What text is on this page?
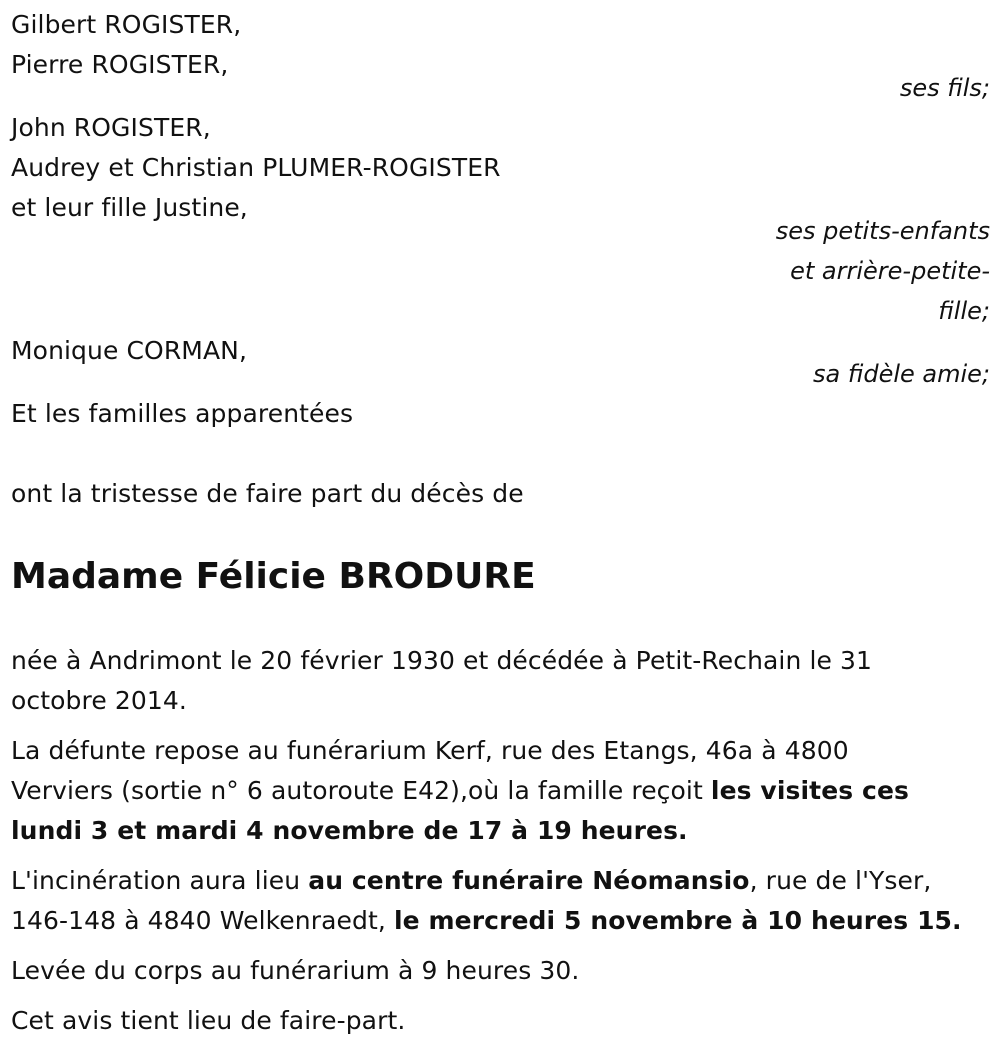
Gilbert ROGISTER,
Pierre ROGISTER,
ses fils;
John ROGISTER,
Audrey et Christian PLUMER-ROGISTER
et leur fille Justine,
ses petits-enfants
et arrière-petite-
fille;
Monique CORMAN,
sa fidèle amie;
Et les familles apparentées
ont la tristesse de faire part du décès de
Madame Félicie BRODURE
née à Andrimont le 20 février 1930 et décédée à Petit-Rechain le 31
octobre 2014.
La défunte repose au funérarium Kerf, rue des Etangs, 46a à 4800
Verviers (sortie n° 6 autoroute E42),où la famille reçoit les visites ces
lundi 3 et mardi 4 novembre de 17 à 19 heures.
L'incinération aura lieu au centre funéraire Néomansio, rue de l'Yser,
146-148 à 4840 Welkenraedt, le mercredi 5 novembre à 10 heures 15.
Levée du corps au funérarium à 9 heures 30.
Cet avis tient lieu de faire-part.
